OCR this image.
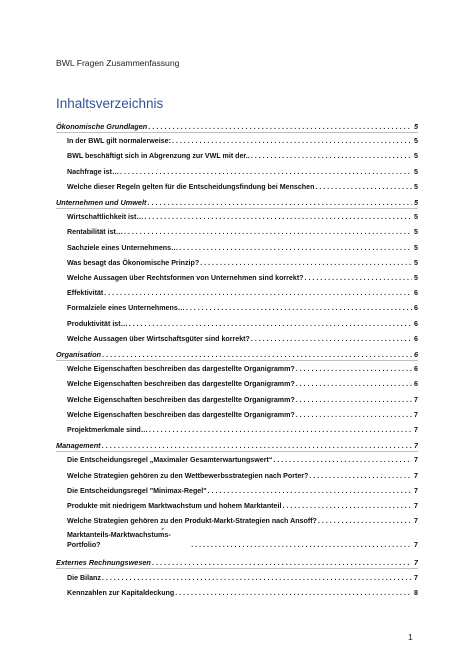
BWL Fragen Zusammenfassung
Inhaltsverzeichnis
Ökonomische Grundlagen . . .	5
In der BWL gilt normalerweise: . . .	5
BWL beschäftigt sich in Abgrenzung zur VWL mit der.. . . .	5
Nachfrage ist… . . .	5
Welche dieser Regeln gelten für die Entscheidungsfindung bei Menschen . . .	5
Unternehmen und Umwelt . . .	5
Wirtschaftlichkeit ist… . . .	5
Rentabilität ist… . . .	5
Sachziele eines Unternehmens… . . .	5
Was besagt das Ökonomische Prinzip? . . .	5
Welche Aussagen über Rechtsformen von Unternehmen sind korrekt? . . .	5
Effektivität . . .	6
Formalziele eines Unternehmens… . . .	6
Produktivität ist… . . .	6
Welche Aussagen über Wirtschaftsgüter sind korrekt? . . .	6
Organisation . . .	6
Welche Eigenschaften beschreiben das dargestellte Organigramm? . . .	6
Welche Eigenschaften beschreiben das dargestellte Organigramm? . . .	6
Welche Eigenschaften beschreiben das dargestellte Organigramm? . . .	7
Welche Eigenschaften beschreiben das dargestellte Organigramm? . . .	7
Projektmerkmale sind… . . .	7
Management . . .	7
Die Entscheidungsregel „Maximaler Gesamterwartungswert“ . . .	7
Welche Strategien gehören zu den Wettbewerbsstrategien nach Porter? . . .	7
Die Entscheidungsregel "Minimax-Regel" . . .	7
Produkte mit niedrigem Marktwachstum und hohem Marktanteil . . .	7
Welche Strategien gehören zu den Produkt-Markt-Strategien nach Ansoff? . . .	7
Marktanteils-Marktwachstums-Portfolio? . . .	7
Externes Rechnungswesen . . .	7
Die Bilanz . . .	7
Kennzahlen zur Kapitaldeckung . . .	8
1
